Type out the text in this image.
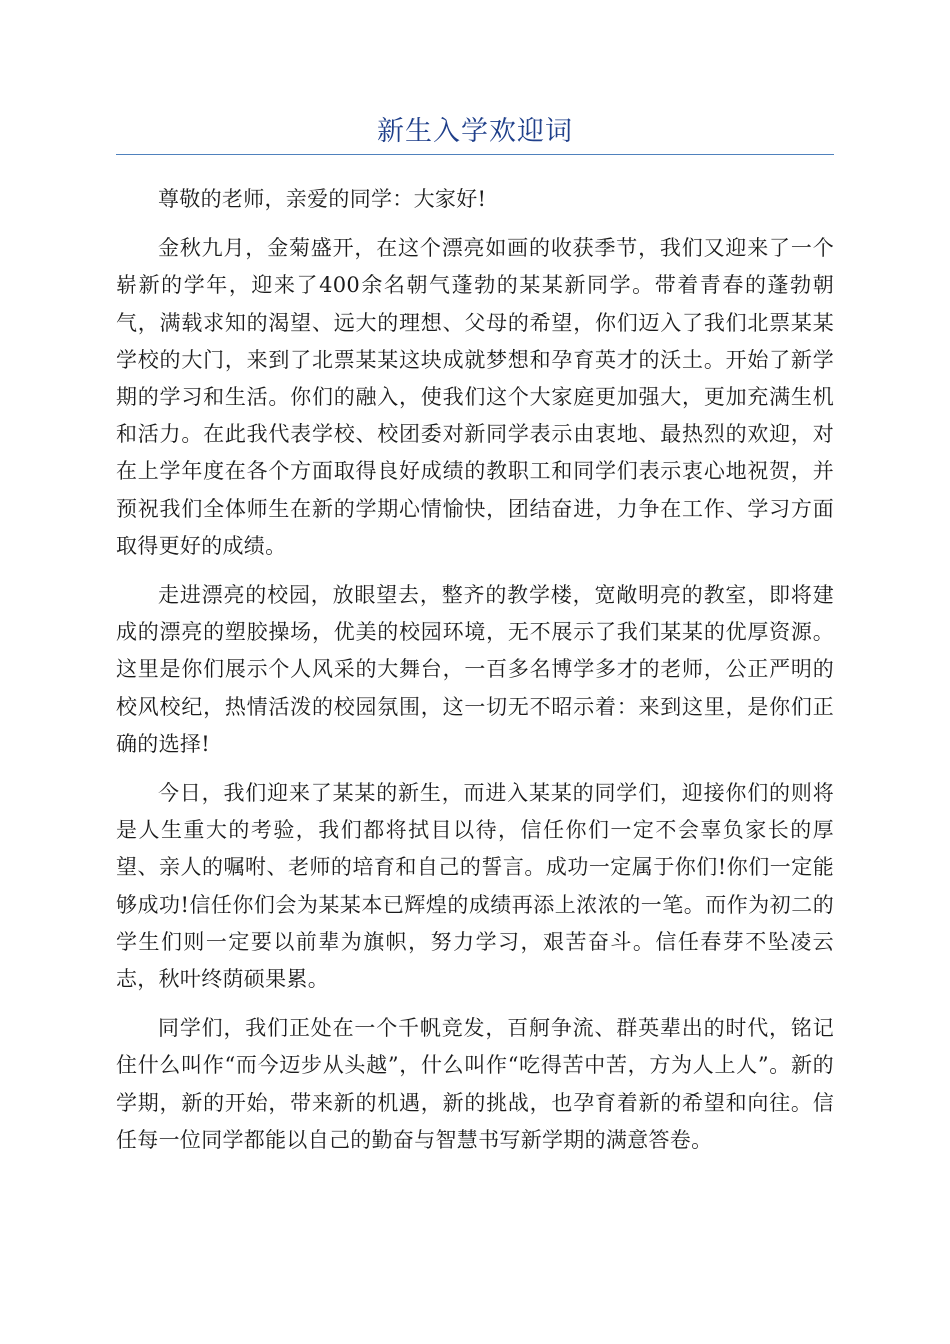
新生入学欢迎词

尊敬的老师，亲爱的同学：大家好!

金秋九月，金菊盛开，在这个漂亮如画的收获季节，我们又迎来了一个崭新的学年，迎来了400余名朝气蓬勃的某某新同学。带着青春的蓬勃朝气，满载求知的渴望、远大的理想、父母的希望，你们迈入了我们北票某某学校的大门，来到了北票某某这块成就梦想和孕育英才的沃土。开始了新学期的学习和生活。你们的融入，使我们这个大家庭更加强大，更加充满生机和活力。在此我代表学校、校团委对新同学表示由衷地、最热烈的欢迎，对在上学年度在各个方面取得良好成绩的教职工和同学们表示衷心地祝贺，并预祝我们全体师生在新的学期心情愉快，团结奋进，力争在工作、学习方面取得更好的成绩。

走进漂亮的校园，放眼望去，整齐的教学楼，宽敞明亮的教室，即将建成的漂亮的塑胶操场，优美的校园环境，无不展示了我们某某的优厚资源。这里是你们展示个人风采的大舞台，一百多名博学多才的老师，公正严明的校风校纪，热情活泼的校园氛围，这一切无不昭示着：来到这里，是你们正确的选择!

今日，我们迎来了某某的新生，而进入某某的同学们，迎接你们的则将是人生重大的考验，我们都将拭目以待，信任你们一定不会辜负家长的厚望、亲人的嘱咐、老师的培育和自己的誓言。成功一定属于你们!你们一定能够成功!信任你们会为某某本已辉煌的成绩再添上浓浓的一笔。而作为初二的学生们则一定要以前辈为旗帜，努力学习，艰苦奋斗。信任春芽不坠凌云志，秋叶终荫硕果累。

同学们，我们正处在一个千帆竞发，百舸争流、群英辈出的时代，铭记住什么叫作“而今迈步从头越”，什么叫作“吃得苦中苦，方为人上人”。新的学期，新的开始，带来新的机遇，新的挑战，也孕育着新的希望和向往。信任每一位同学都能以自己的勤奋与智慧书写新学期的满意答卷。
